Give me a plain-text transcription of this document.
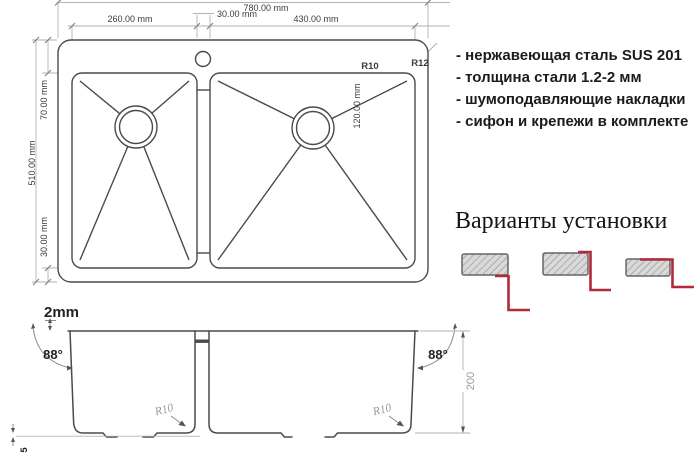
780.00 mm
260.00 mm	30.00 mm	430.00 mm
70.00 mm
510.00 mm
30.00 mm
120.00 mm
R10	R12 - нержавеющая сталь SUS 201
- толщина стали 1.2-2 мм
- шумоподавляющие накладки
- сифон и крепежи в комплекте
Варианты установки
2mm
88°	88°
R10	R10
200
5
